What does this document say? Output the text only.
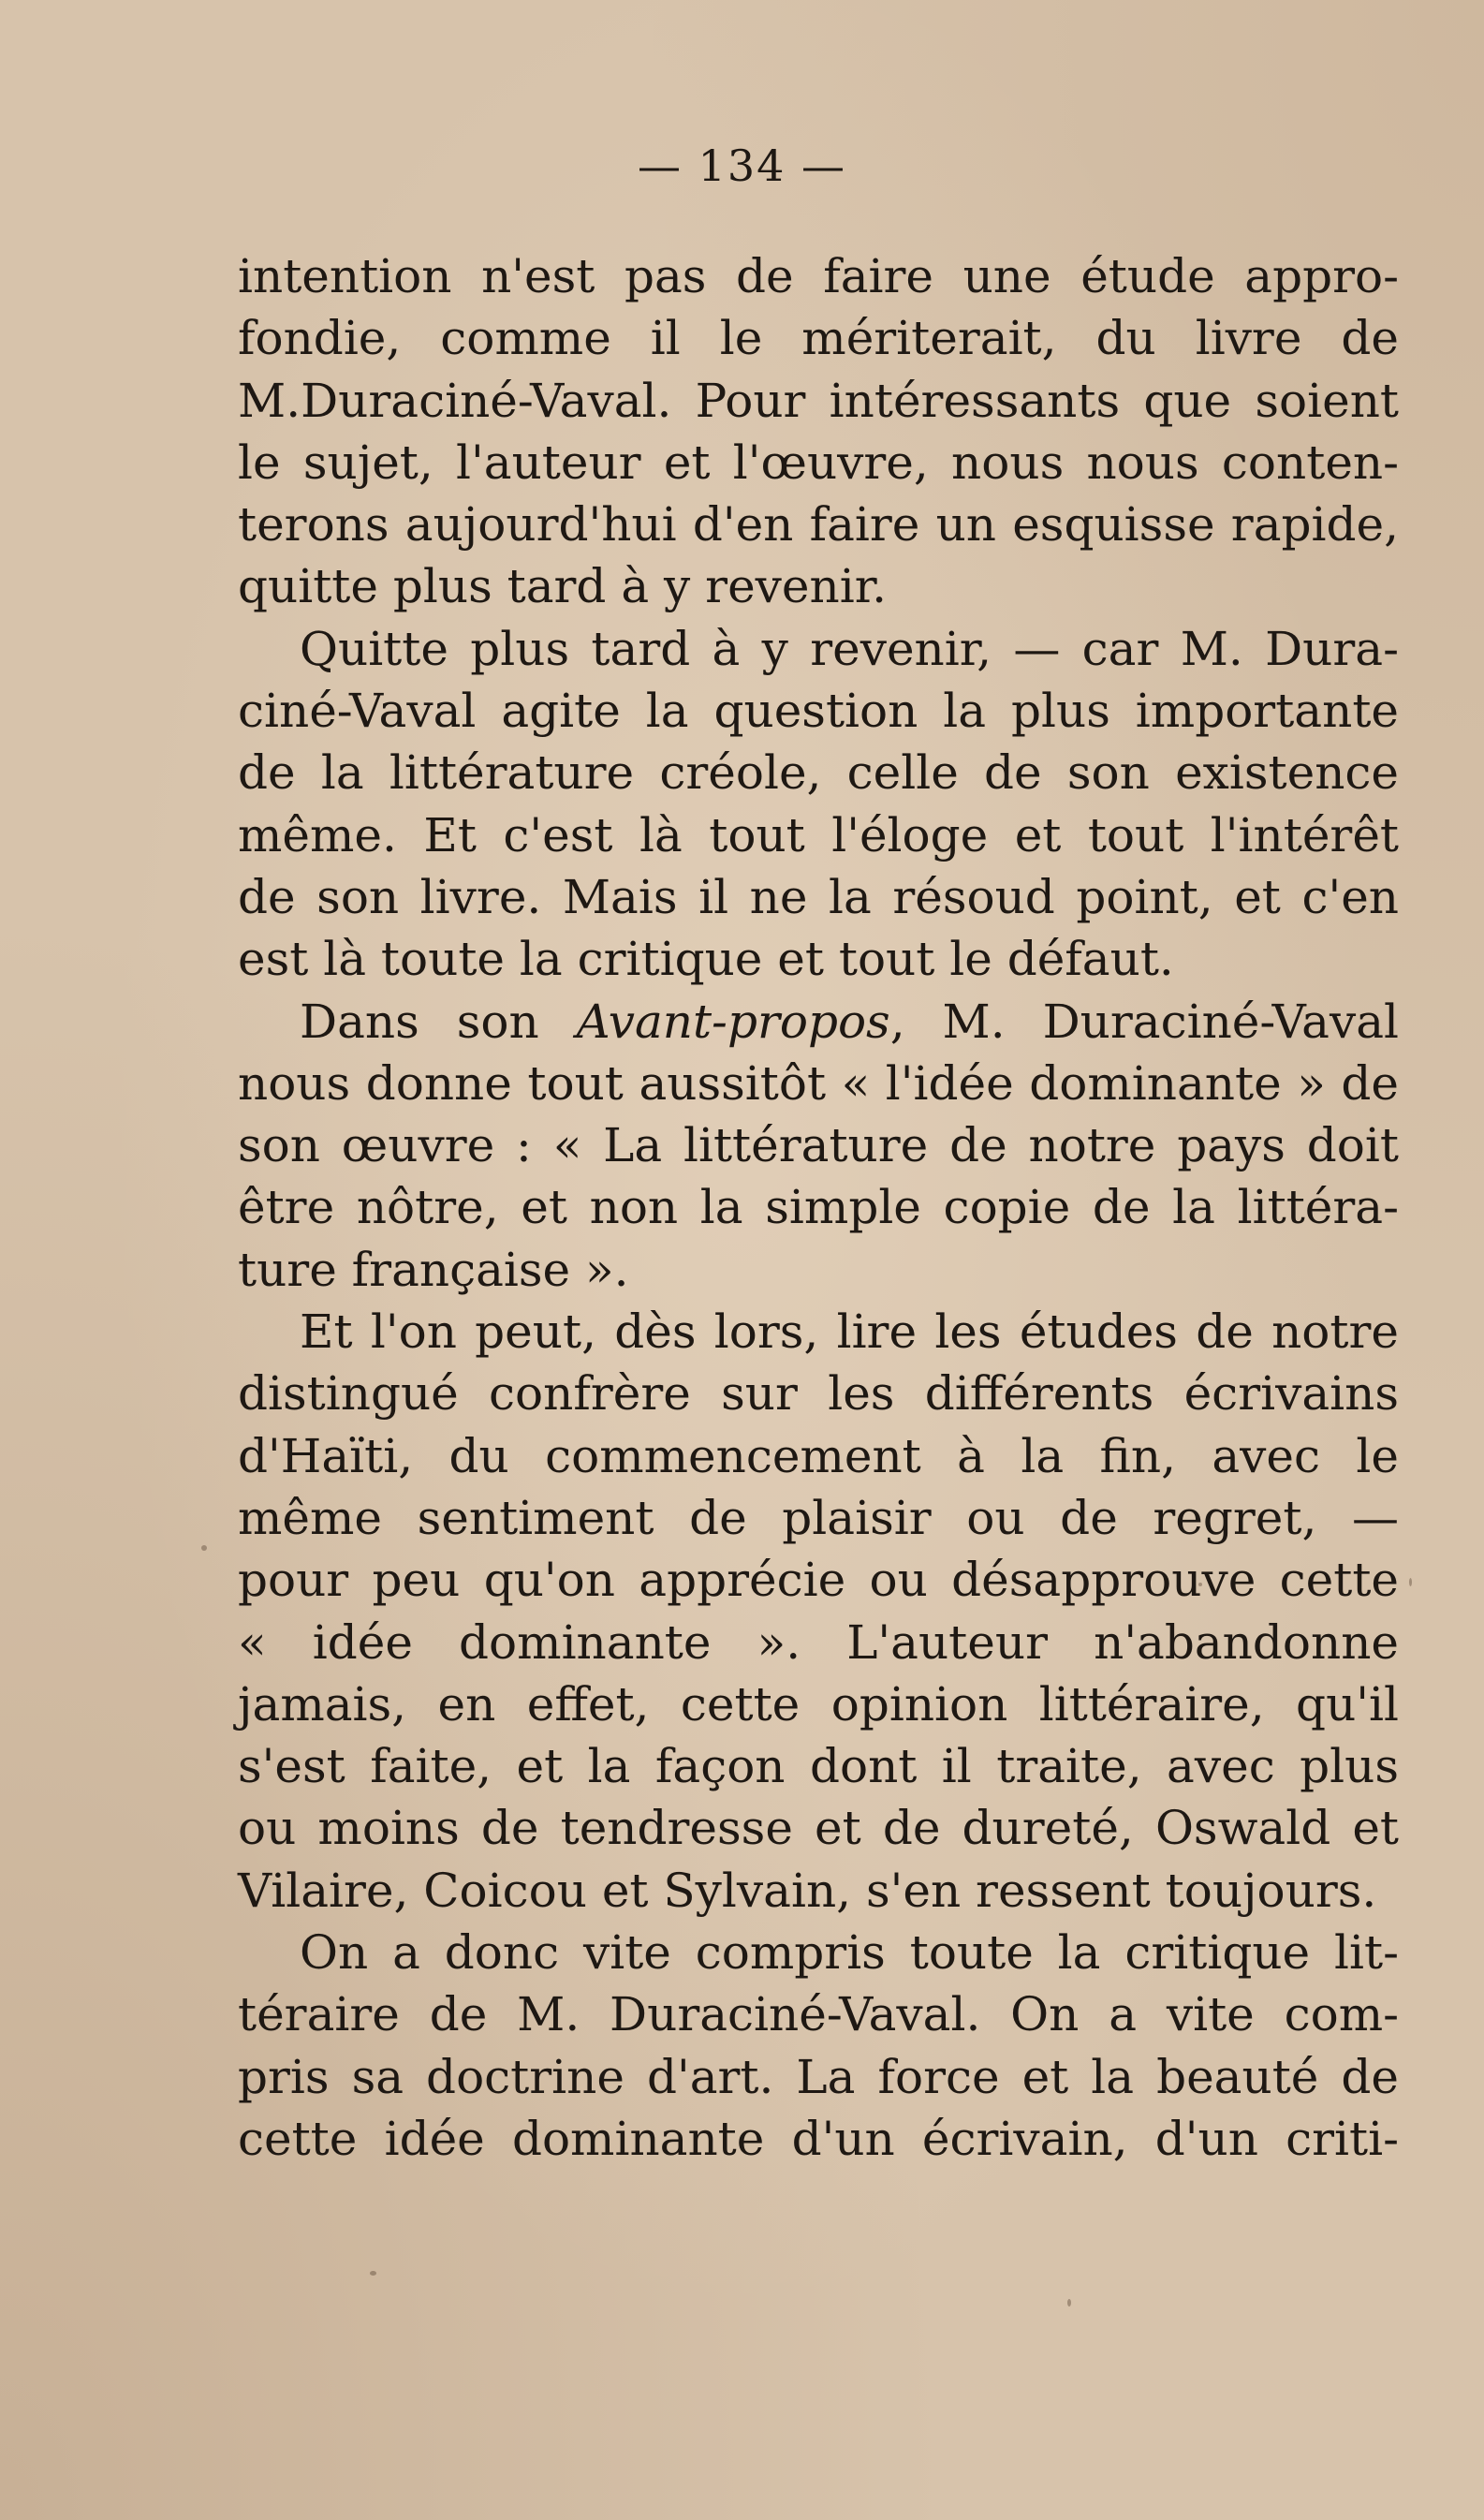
— 134 —
intention n'est pas de faire une étude appro-
fondie, comme il le mériterait, du livre de
M.Duraciné-Vaval. Pour intéressants que soient
le sujet, l'auteur et l'œuvre, nous nous conten-
terons aujourd'hui d'en faire un esquisse rapide,
quitte plus tard à y revenir.
Quitte plus tard à y revenir, — car M. Dura-
ciné-Vaval agite la question la plus importante
de la littérature créole, celle de son existence
même. Et c'est là tout l'éloge et tout l'intérêt
de son livre. Mais il ne la résoud point, et c'en
est là toute la critique et tout le défaut.
Dans son Avant-propos, M. Duraciné-Vaval
nous donne tout aussitôt « l'idée dominante » de
son œuvre : « La littérature de notre pays doit
être nôtre, et non la simple copie de la littéra-
ture française ».
Et l'on peut, dès lors, lire les études de notre
distingué confrère sur les différents écrivains
d'Haïti, du commencement à la fin, avec le
même sentiment de plaisir ou de regret, —
pour peu qu'on apprécie ou désapprouve cette
« idée dominante ». L'auteur n'abandonne
jamais, en effet, cette opinion littéraire, qu'il
s'est faite, et la façon dont il traite, avec plus
ou moins de tendresse et de dureté, Oswald et
Vilaire, Coicou et Sylvain, s'en ressent toujours.
On a donc vite compris toute la critique lit-
téraire de M. Duraciné-Vaval. On a vite com-
pris sa doctrine d'art. La force et la beauté de
cette idée dominante d'un écrivain, d'un criti-
